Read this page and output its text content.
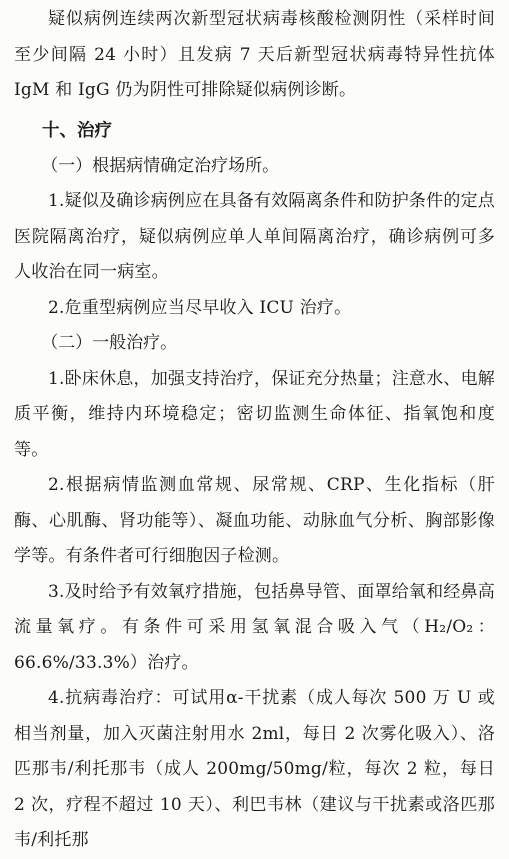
疑似病例连续两次新型冠状病毒核酸检测阴性（采样时间至少间隔 24 小时）且发病 7 天后新型冠状病毒特异性抗体 IgM 和 IgG 仍为阴性可排除疑似病例诊断。

十、治疗

（一）根据病情确定治疗场所。

1.疑似及确诊病例应在具备有效隔离条件和防护条件的定点医院隔离治疗，疑似病例应单人单间隔离治疗，确诊病例可多人收治在同一病室。

2.危重型病例应当尽早收入 ICU 治疗。

（二）一般治疗。

1.卧床休息，加强支持治疗，保证充分热量；注意水、电解质平衡，维持内环境稳定；密切监测生命体征、指氧饱和度等。

2.根据病情监测血常规、尿常规、CRP、生化指标（肝酶、心肌酶、肾功能等）、凝血功能、动脉血气分析、胸部影像学等。有条件者可行细胞因子检测。

3.及时给予有效氧疗措施，包括鼻导管、面罩给氧和经鼻高流量氧疗。有条件可采用氢氧混合吸入气（H₂/O₂：66.6%/33.3%）治疗。

4.抗病毒治疗：可试用α-干扰素（成人每次 500 万 U 或相当剂量，加入灭菌注射用水 2ml，每日 2 次雾化吸入）、洛匹那韦/利托那韦（成人 200mg/50mg/粒，每次 2 粒，每日 2 次，疗程不超过 10 天）、利巴韦林（建议与干扰素或洛匹那韦/利托那
